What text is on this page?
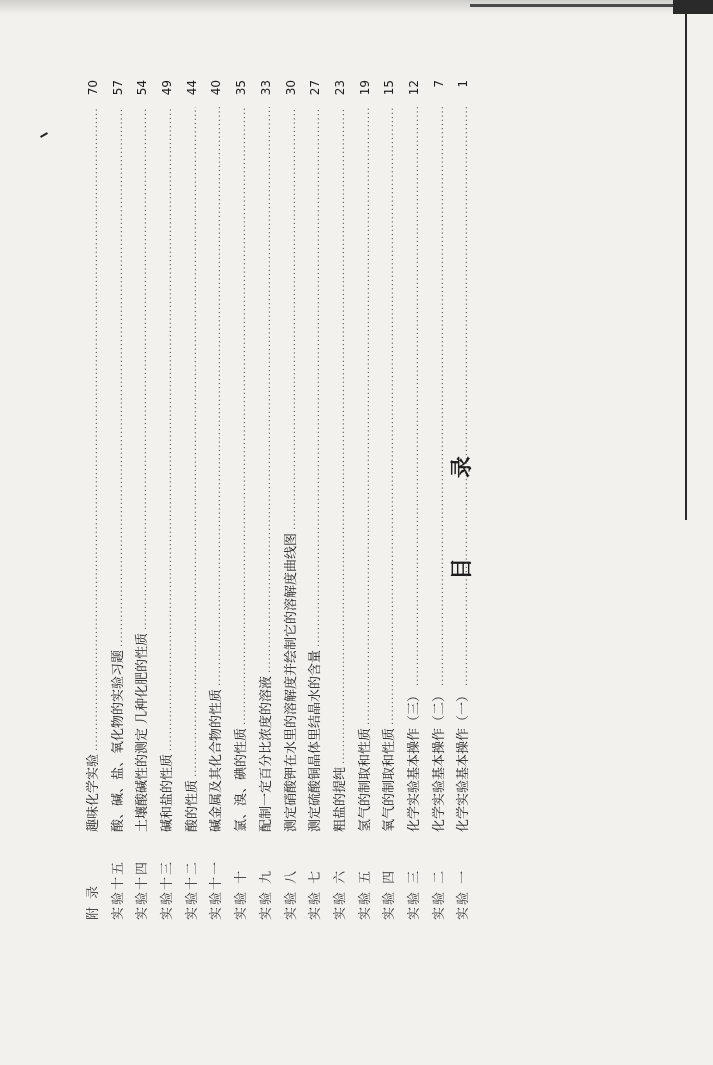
目 录
附 录
趣味化学实验
.....
70
实验十五
酸、碱、盐、氧化物的实验习题
.....
57
实验十四
土壤酸碱性的测定 几种化肥的性质
.....
54
实验十三
碱和盐的性质
.....
49
实验十二
酸的性质
.....
44
实验十一
碱金属及其化合物的性质
.....
40
实验 十
氯、溴、碘的性质
.....
35
实验 九
配制一定百分比浓度的溶液
.....
33
实验 八
测定硝酸钾在水里的溶解度并绘制它的溶解度曲线图
.....
30
实验 七
测定硫酸铜晶体里结晶水的含量
.....
27
实验 六
粗盐的提纯
.....
23
实验 五
氢气的制取和性质
.....
19
实验 四
氧气的制取和性质
.....
15
实验 三
化学实验基本操作（三）
.....
12
实验 二
化学实验基本操作（二）
.....
7
实验 一
化学实验基本操作（一）
.....
1
